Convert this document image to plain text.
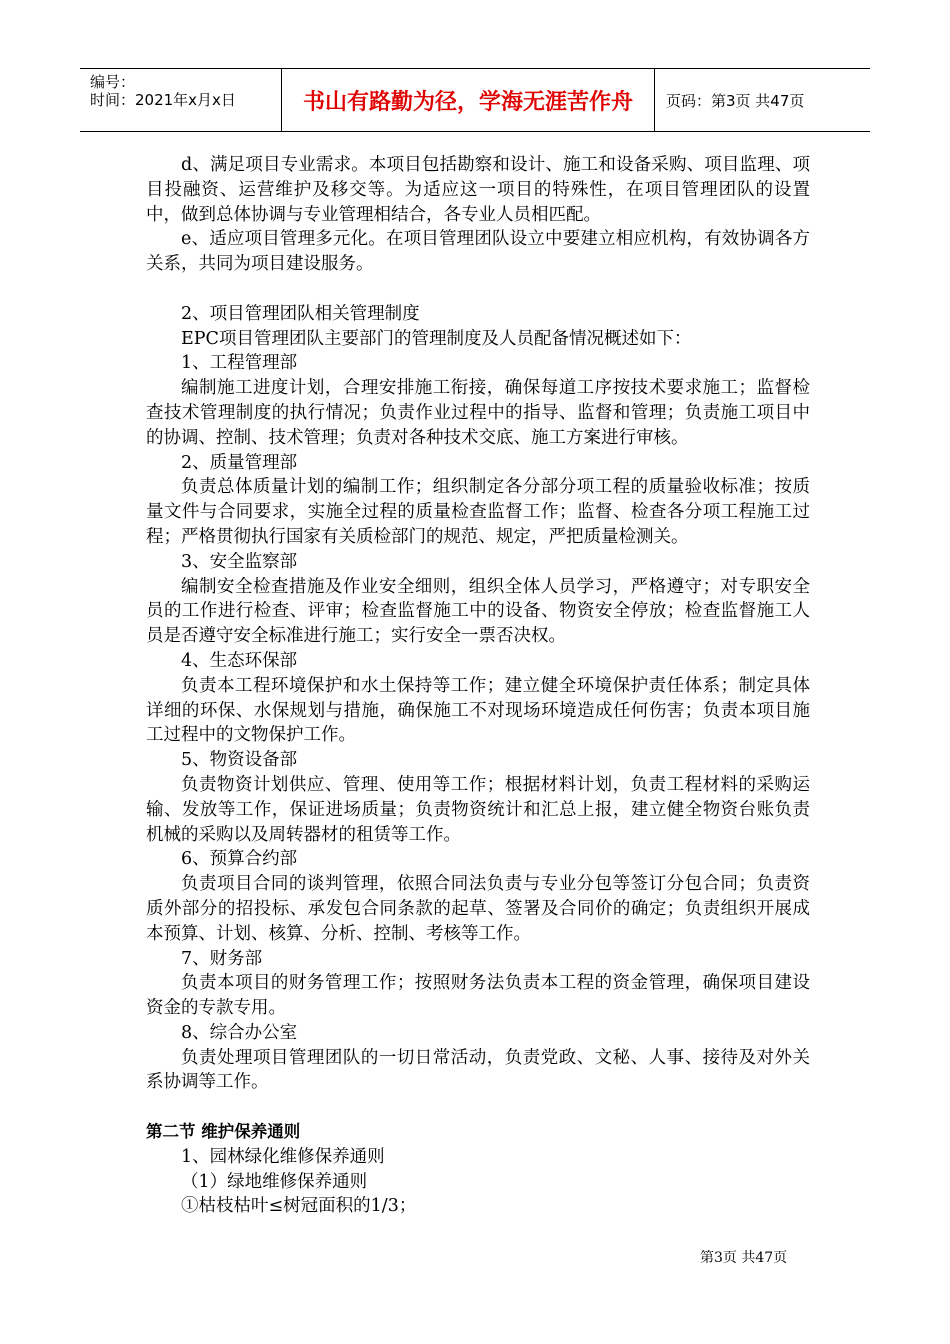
编号：
时间：2021年x月x日	书山有路勤为径，学海无涯苦作舟	页码：第3页 共47页

d、满足项目专业需求。本项目包括勘察和设计、施工和设备采购、项目监理、项目投融资、运营维护及移交等。为适应这一项目的特殊性，在项目管理团队的设置中，做到总体协调与专业管理相结合，各专业人员相匹配。

e、适应项目管理多元化。在项目管理团队设立中要建立相应机构，有效协调各方关系，共同为项目建设服务。

2、项目管理团队相关管理制度

EPC项目管理团队主要部门的管理制度及人员配备情况概述如下：

1、工程管理部

编制施工进度计划，合理安排施工衔接，确保每道工序按技术要求施工；监督检查技术管理制度的执行情况；负责作业过程中的指导、监督和管理；负责施工项目中的协调、控制、技术管理；负责对各种技术交底、施工方案进行审核。

2、质量管理部

负责总体质量计划的编制工作；组织制定各分部分项工程的质量验收标准；按质量文件与合同要求，实施全过程的质量检查监督工作；监督、检查各分项工程施工过程；严格贯彻执行国家有关质检部门的规范、规定，严把质量检测关。

3、安全监察部

编制安全检查措施及作业安全细则，组织全体人员学习，严格遵守；对专职安全员的工作进行检查、评审；检查监督施工中的设备、物资安全停放；检查监督施工人员是否遵守安全标准进行施工；实行安全一票否决权。

4、生态环保部

负责本工程环境保护和水土保持等工作；建立健全环境保护责任体系；制定具体详细的环保、水保规划与措施，确保施工不对现场环境造成任何伤害；负责本项目施工过程中的文物保护工作。

5、物资设备部

负责物资计划供应、管理、使用等工作；根据材料计划，负责工程材料的采购运输、发放等工作，保证进场质量；负责物资统计和汇总上报，建立健全物资台账负责机械的采购以及周转器材的租赁等工作。

6、预算合约部

负责项目合同的谈判管理，依照合同法负责与专业分包等签订分包合同；负责资质外部分的招投标、承发包合同条款的起草、签署及合同价的确定；负责组织开展成本预算、计划、核算、分析、控制、考核等工作。

7、财务部

负责本项目的财务管理工作；按照财务法负责本工程的资金管理，确保项目建设资金的专款专用。

8、综合办公室

负责处理项目管理团队的一切日常活动，负责党政、文秘、人事、接待及对外关系协调等工作。

第二节 维护保养通则

1、园林绿化维修保养通则

（1）绿地维修保养通则

①枯枝枯叶≤树冠面积的1/3；

第3页 共47页
